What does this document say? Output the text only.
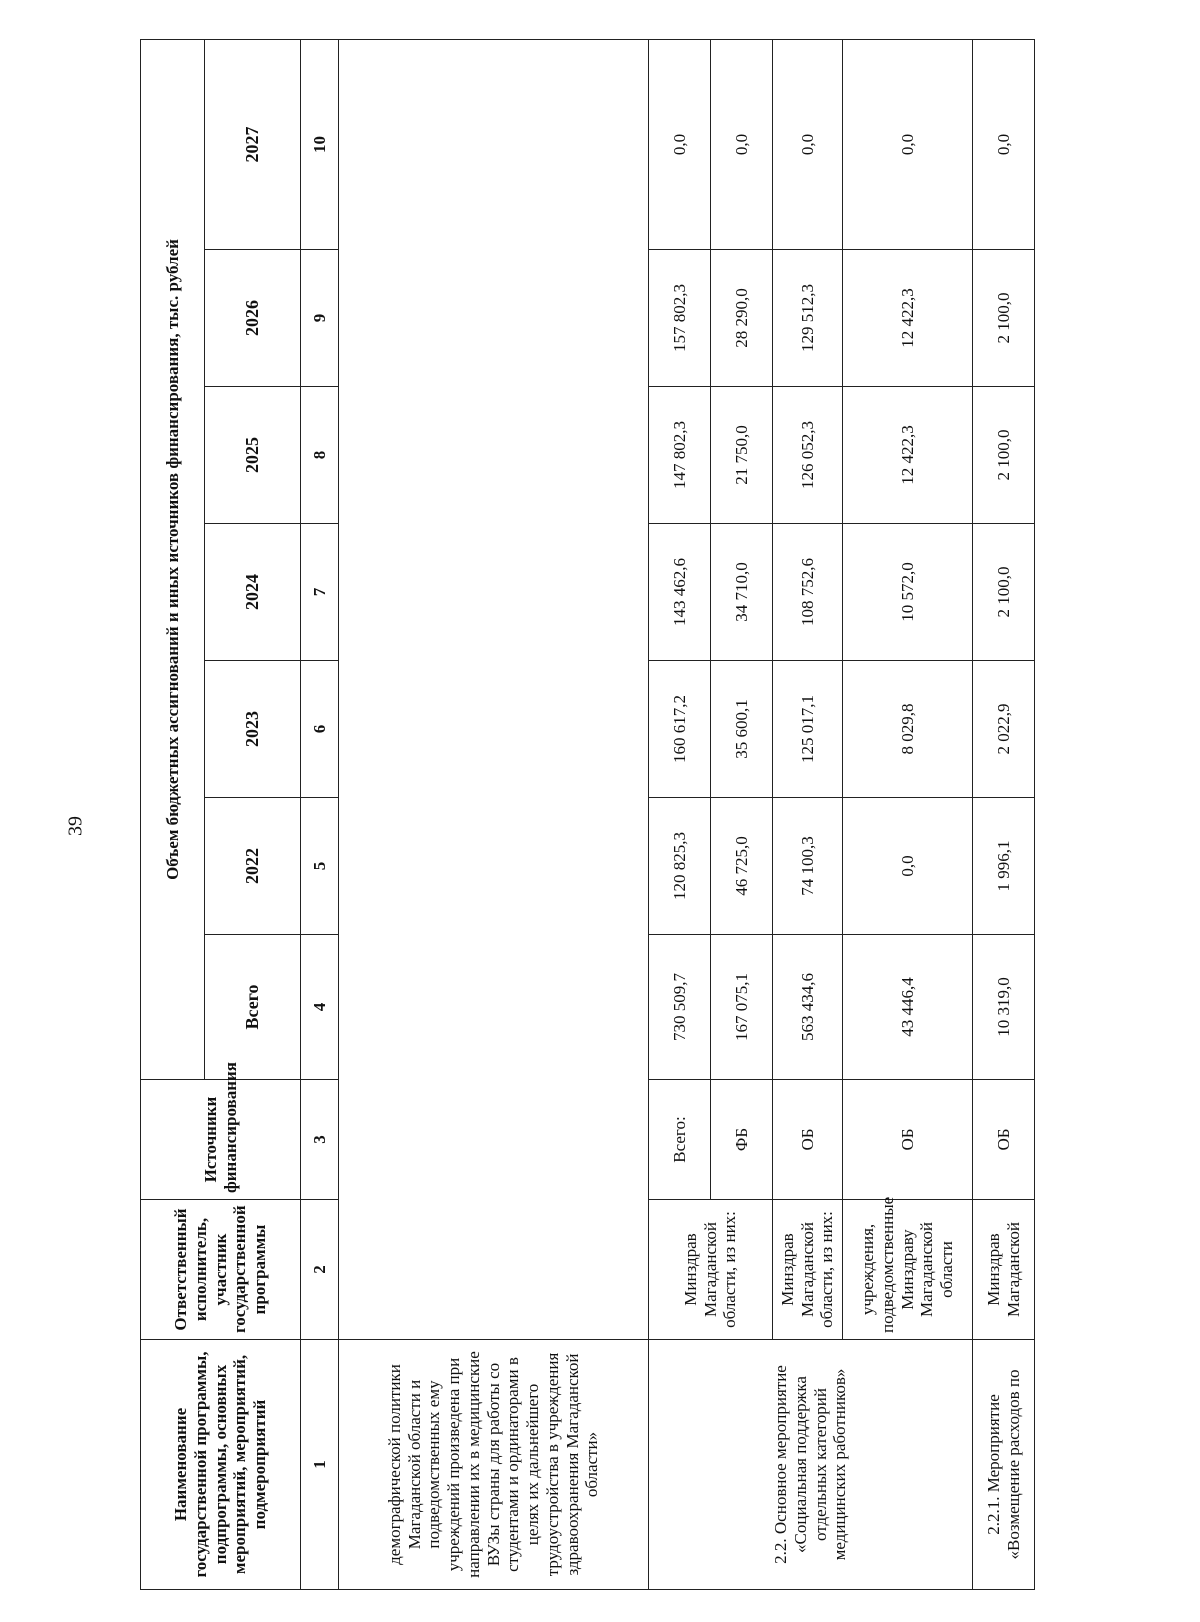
39
Наименование государственной программы, подпрограммы, основных мероприятий, мероприятий, подмероприятий	Ответственный исполнитель, участник государственной программы	Источники финансирования	Объем бюджетных ассигнований и иных источников финансирования, тыс. рублей						
			Всего	2022	2023	2024	2025	2026	2027
1	2	3	4	5	6	7	8	9	10
демографической политики Магаданской области и подведомственных ему учреждений произведена при направлении их в медицинские ВУЗы страны для работы со студентами и ординаторами в целях их дальнейшего трудоустройства в учреждения здравоохранения Магаданской области»									
2.2. Основное мероприятие «Социальная поддержка отдельных категорий медицинских работников»	Минздрав Магаданской области, из них:	Всего:	730 509,7	120 825,3	160 617,2	143 462,6	147 802,3	157 802,3	0,0
		ФБ	167 075,1	46 725,0	35 600,1	34 710,0	21 750,0	28 290,0	0,0
	Минздрав Магаданской области, из них:	ОБ	563 434,6	74 100,3	125 017,1	108 752,6	126 052,3	129 512,3	0,0
	учреждения, подведомственные Минздраву Магаданской области	ОБ	43 446,4	0,0	8 029,8	10 572,0	12 422,3	12 422,3	0,0
2.2.1. Мероприятие «Возмещение расходов по	Минздрав Магаданской	ОБ	10 319,0	1 996,1	2 022,9	2 100,0	2 100,0	2 100,0	0,0
